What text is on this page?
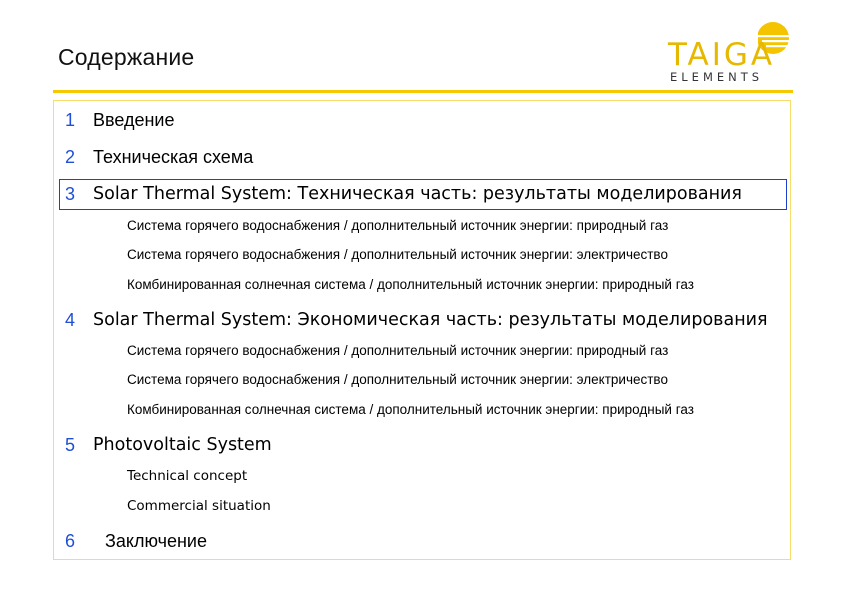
Содержание	TAIGA
ELEMENTS
1 Введение
2 Техническая схема
3 Solar Thermal System: Техническая часть: результаты моделирования
Система горячего водоснабжения / дополнительный источник энергии: природный газ
Система горячего водоснабжения / дополнительный источник энергии: электричество
Комбинированная солнечная система / дополнительный источник энергии: природный газ
4 Solar Thermal System: Экономическая часть: результаты моделирования
Система горячего водоснабжения / дополнительный источник энергии: природный газ
Система горячего водоснабжения / дополнительный источник энергии: электричество
Комбинированная солнечная система / дополнительный источник энергии: природный газ
5 Photovoltaic System
Technical concept
Commercial situation
6 Заключение
